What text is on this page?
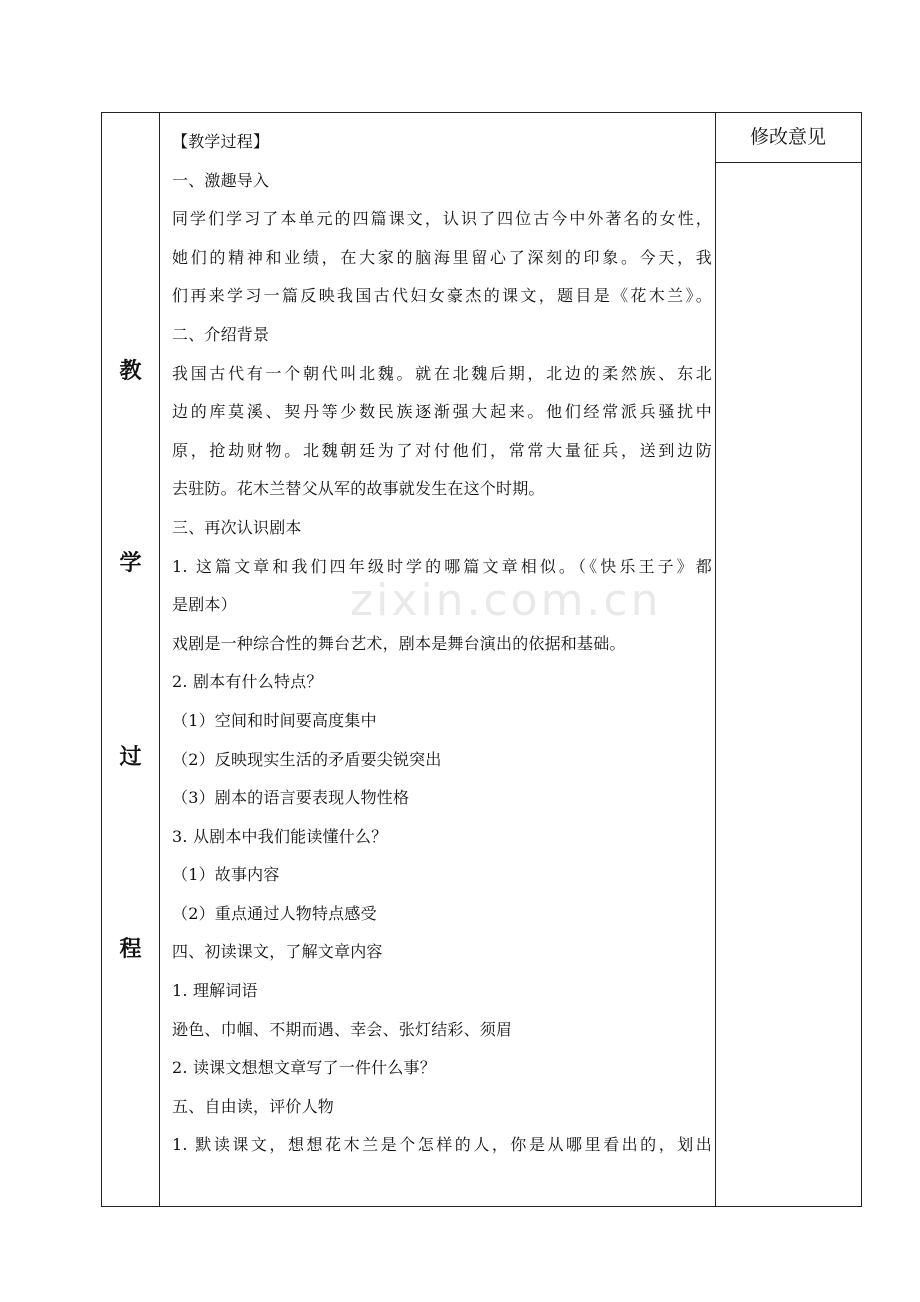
教
学
过
程
修改意见
【教学过程】
一、激趣导入
同学们学习了本单元的四篇课文，认识了四位古今中外著名的女性，
她们的精神和业绩，在大家的脑海里留心了深刻的印象。今天，我
们再来学习一篇反映我国古代妇女豪杰的课文，题目是《花木兰》。
二、介绍背景
我国古代有一个朝代叫北魏。就在北魏后期，北边的柔然族、东北
边的库莫溪、契丹等少数民族逐渐强大起来。他们经常派兵骚扰中
原，抢劫财物。北魏朝廷为了对付他们，常常大量征兵，送到边防
去驻防。花木兰替父从军的故事就发生在这个时期。
三、再次认识剧本
1. 这篇文章和我们四年级时学的哪篇文章相似。（《快乐王子》都
是剧本）
戏剧是一种综合性的舞台艺术，剧本是舞台演出的依据和基础。
2. 剧本有什么特点？
（1）空间和时间要高度集中
（2）反映现实生活的矛盾要尖锐突出
（3）剧本的语言要表现人物性格
3. 从剧本中我们能读懂什么？
（1）故事内容
（2）重点通过人物特点感受
四、初读课文，了解文章内容
1. 理解词语
逊色、巾帼、不期而遇、幸会、张灯结彩、须眉
2. 读课文想想文章写了一件什么事？
五、自由读，评价人物
1. 默读课文，想想花木兰是个怎样的人，你是从哪里看出的，划出
zixin.com.cn
